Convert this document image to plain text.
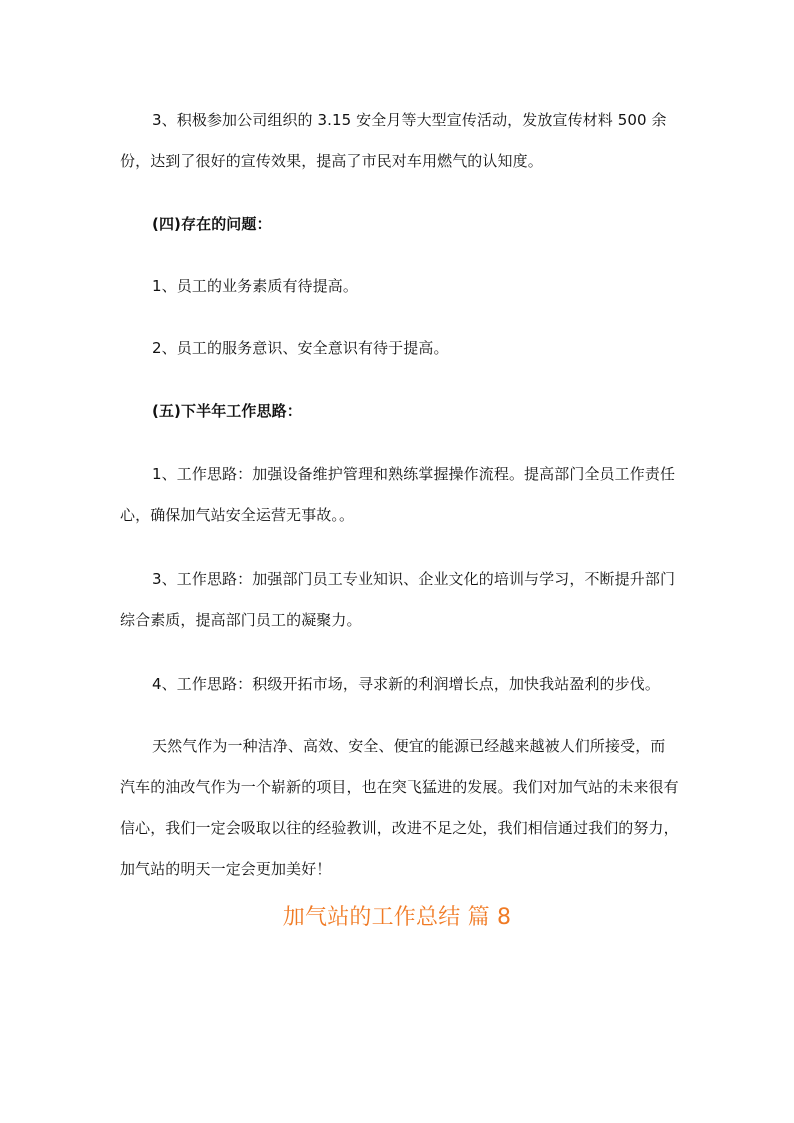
3、积极参加公司组织的 3.15 安全月等大型宣传活动，发放宣传材料 500 余份，达到了很好的宣传效果，提高了市民对车用燃气的认知度。

(四)存在的问题：

1、员工的业务素质有待提高。

2、员工的服务意识、安全意识有待于提高。

(五)下半年工作思路：

1、工作思路：加强设备维护管理和熟练掌握操作流程。提高部门全员工作责任心，确保加气站安全运营无事故。。

3、工作思路：加强部门员工专业知识、企业文化的培训与学习，不断提升部门综合素质，提高部门员工的凝聚力。

4、工作思路：积级开拓市场，寻求新的利润增长点，加快我站盈利的步伐。

天然气作为一种洁净、高效、安全、便宜的能源已经越来越被人们所接受，而汽车的油改气作为一个崭新的项目，也在突飞猛进的发展。我们对加气站的未来很有信心，我们一定会吸取以往的经验教训，改进不足之处，我们相信通过我们的努力，加气站的明天一定会更加美好！

加气站的工作总结 篇 8
